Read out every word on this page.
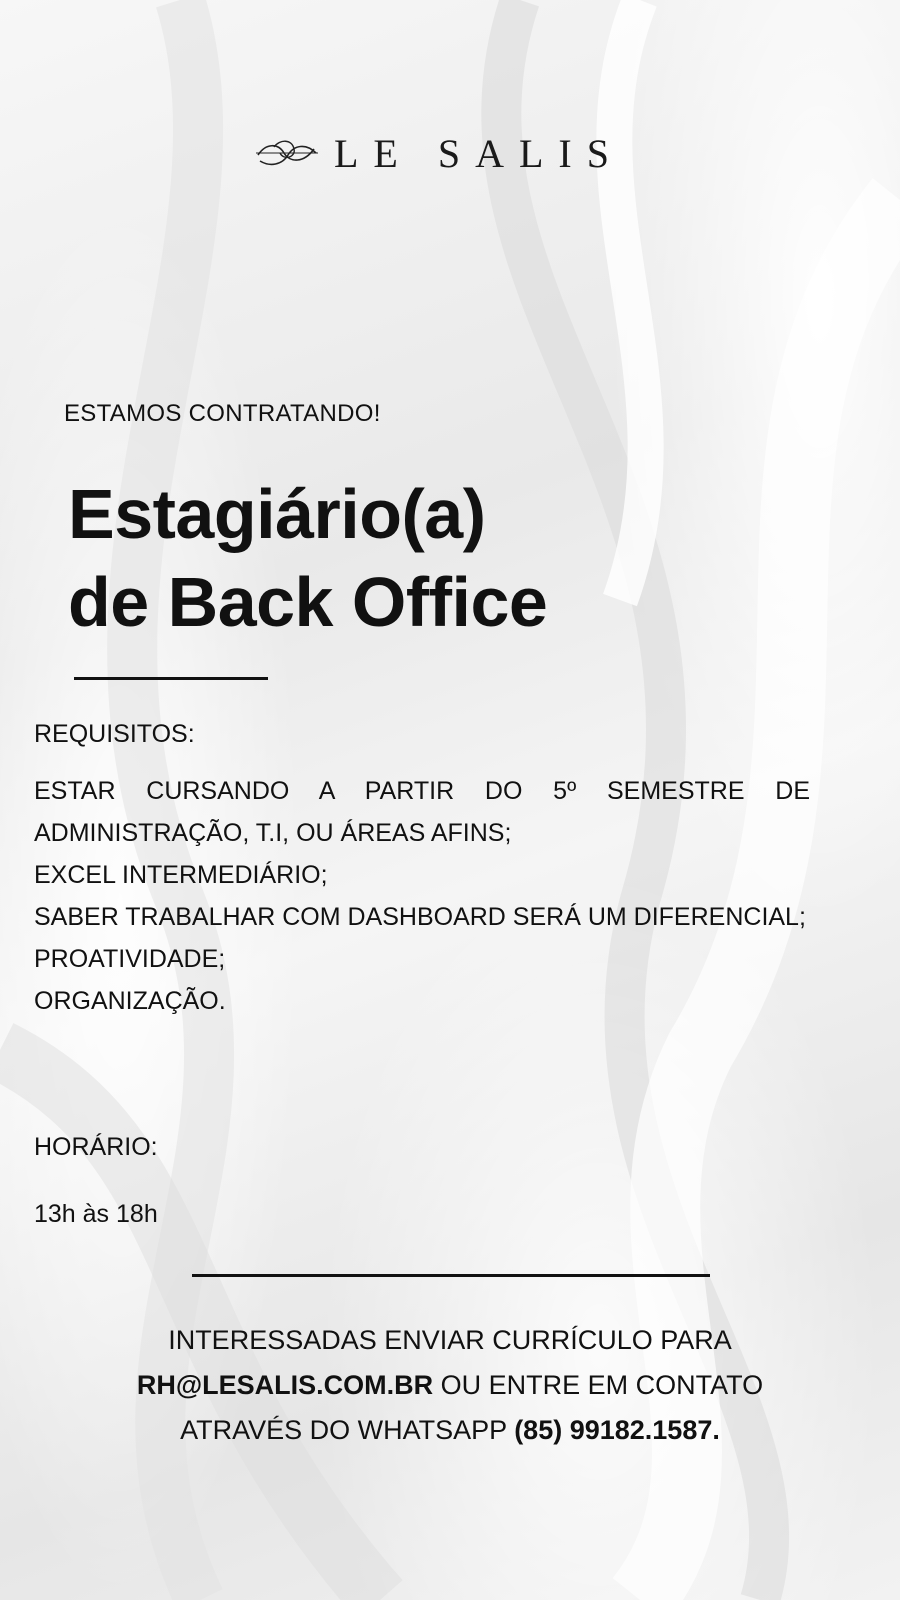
LE SALIS
ESTAMOS CONTRATANDO!
Estagiário(a)
de Back Office
REQUISITOS:
ESTAR CURSANDO A PARTIR DO 5º SEMESTRE DE ADMINISTRAÇÃO, T.I, OU ÁREAS AFINS;
EXCEL INTERMEDIÁRIO;
SABER TRABALHAR COM DASHBOARD SERÁ UM DIFERENCIAL;
PROATIVIDADE;
ORGANIZAÇÃO.
HORÁRIO:
13h às 18h
INTERESSADAS ENVIAR CURRÍCULO PARA
RH@LESALIS.COM.BR OU ENTRE EM CONTATO
ATRAVÉS DO WHATSAPP (85) 99182.1587.
